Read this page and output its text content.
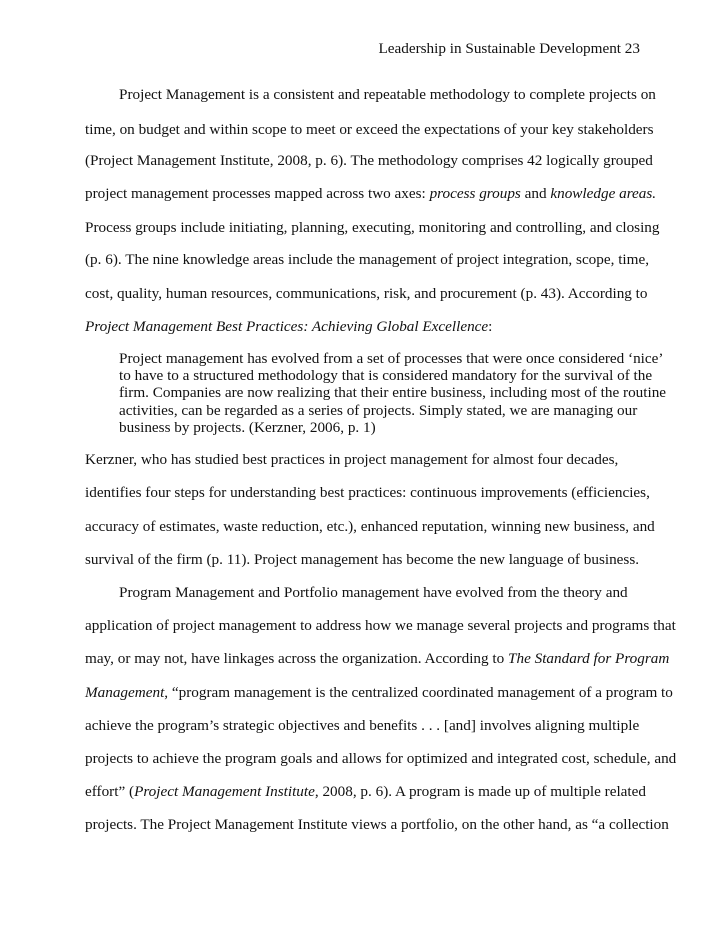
Leadership in Sustainable Development 23
Project Management is a consistent and repeatable methodology to complete projects on
time, on budget and within scope to meet or exceed the expectations of your key stakeholders
(Project Management Institute, 2008, p. 6). The methodology comprises 42 logically grouped
project management processes mapped across two axes: process groups and knowledge areas.
Process groups include initiating, planning, executing, monitoring and controlling, and closing
(p. 6). The nine knowledge areas include the management of project integration, scope, time,
cost, quality, human resources, communications, risk, and procurement (p. 43). According to
Project Management Best Practices: Achieving Global Excellence:
Project management has evolved from a set of processes that were once considered ‘nice’
to have to a structured methodology that is considered mandatory for the survival of the
firm. Companies are now realizing that their entire business, including most of the routine
activities, can be regarded as a series of projects. Simply stated, we are managing our
business by projects. (Kerzner, 2006, p. 1)
Kerzner, who has studied best practices in project management for almost four decades,
identifies four steps for understanding best practices: continuous improvements (efficiencies,
accuracy of estimates, waste reduction, etc.), enhanced reputation, winning new business, and
survival of the firm (p. 11). Project management has become the new language of business.
Program Management and Portfolio management have evolved from the theory and
application of project management to address how we manage several projects and programs that
may, or may not, have linkages across the organization. According to The Standard for Program
Management, “program management is the centralized coordinated management of a program to
achieve the program’s strategic objectives and benefits . . . [and] involves aligning multiple
projects to achieve the program goals and allows for optimized and integrated cost, schedule, and
effort” (Project Management Institute, 2008, p. 6). A program is made up of multiple related
projects. The Project Management Institute views a portfolio, on the other hand, as “a collection
